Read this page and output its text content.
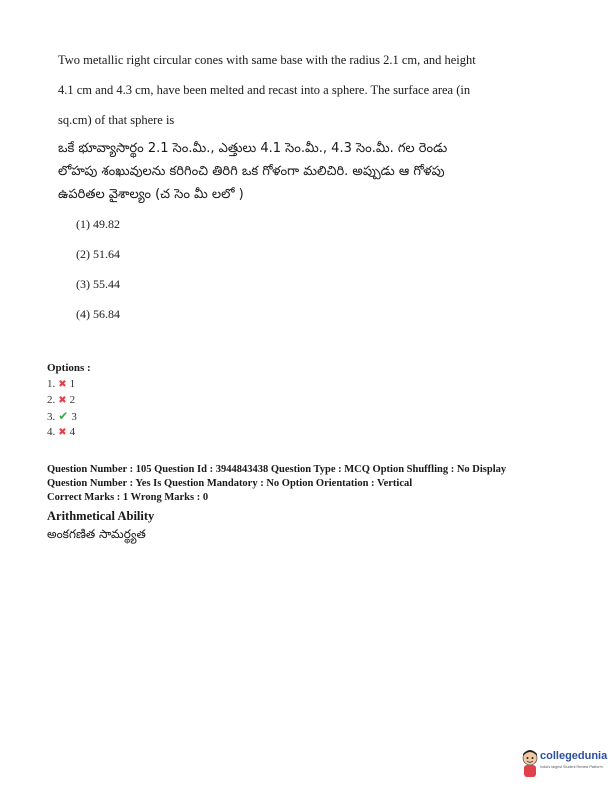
Two metallic right circular cones with same base with the radius 2.1 cm, and height
4.1 cm and 4.3 cm, have been melted and recast into a sphere. The surface area (in
sq.cm) of that sphere is
ఒకే భూవ్యాసార్థం 2.1 సెం.మీ., ఎత్తులు 4.1 సెం.మీ., 4.3 సెం.మీ. గల రెండు
లోహపు శంఖువులను కరిగించి తిరిగి ఒక గోళంగా మలిచిరి. అప్పుడు ఆ గోళపు
ఉపరితల వైశాల్యం (చ సెం మీ లలో )
(1) 49.82
(2) 51.64
(3) 55.44
(4) 56.84
Options :
1. ✖ 1
2. ✖ 2
3. ✔ 3
4. ✖ 4
Question Number : 105 Question Id : 3944843438 Question Type : MCQ Option Shuffling : No Display
Question Number : Yes Is Question Mandatory : No Option Orientation : Vertical
Correct Marks : 1 Wrong Marks : 0
Arithmetical Ability
అంకగణిత సామర్థ్యత
collegedunia
India's largest Student Review Platform
